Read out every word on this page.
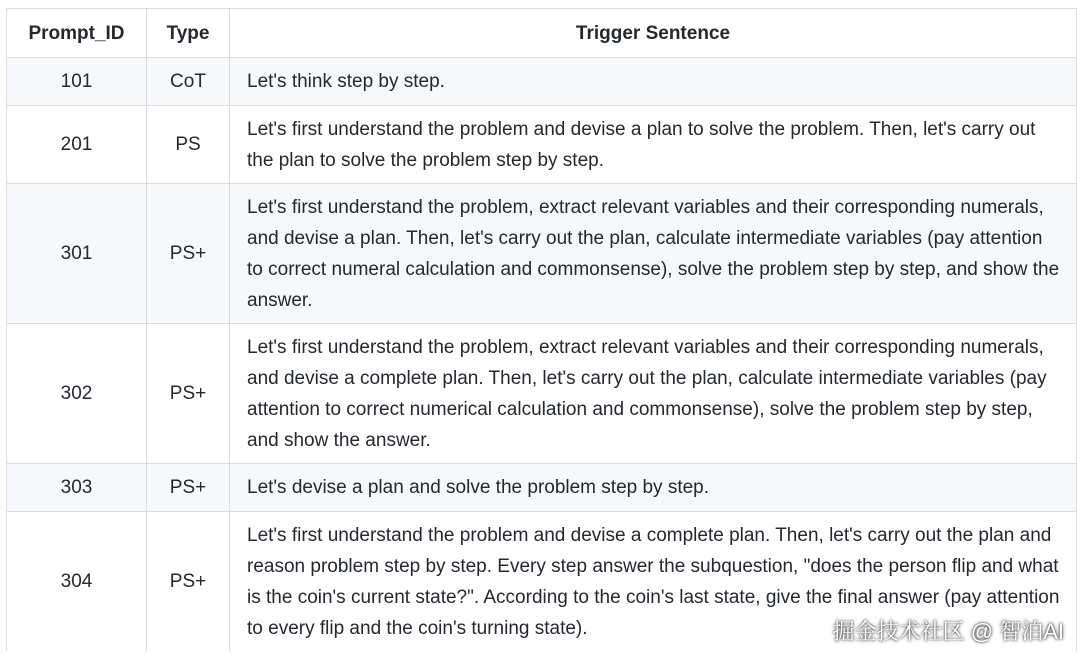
Prompt_ID	Type	Trigger Sentence
101	CoT	Let's think step by step.
201	PS	Let's first understand the problem and devise a plan to solve the problem. Then, let's carry out the plan to solve the problem step by step.
301	PS+	Let's first understand the problem, extract relevant variables and their corresponding numerals, and devise a plan. Then, let's carry out the plan, calculate intermediate variables (pay attention to correct numeral calculation and commonsense), solve the problem step by step, and show the answer.
302	PS+	Let's first understand the problem, extract relevant variables and their corresponding numerals, and devise a complete plan. Then, let's carry out the plan, calculate intermediate variables (pay attention to correct numerical calculation and commonsense), solve the problem step by step, and show the answer.
303	PS+	Let's devise a plan and solve the problem step by step.
304	PS+	Let's first understand the problem and devise a complete plan. Then, let's carry out the plan and reason problem step by step. Every step answer the subquestion, "does the person flip and what is the coin's current state?". According to the coin's last state, give the final answer (pay attention to every flip and the coin's turning state).	掘金技术社区 @ 智泊AI
